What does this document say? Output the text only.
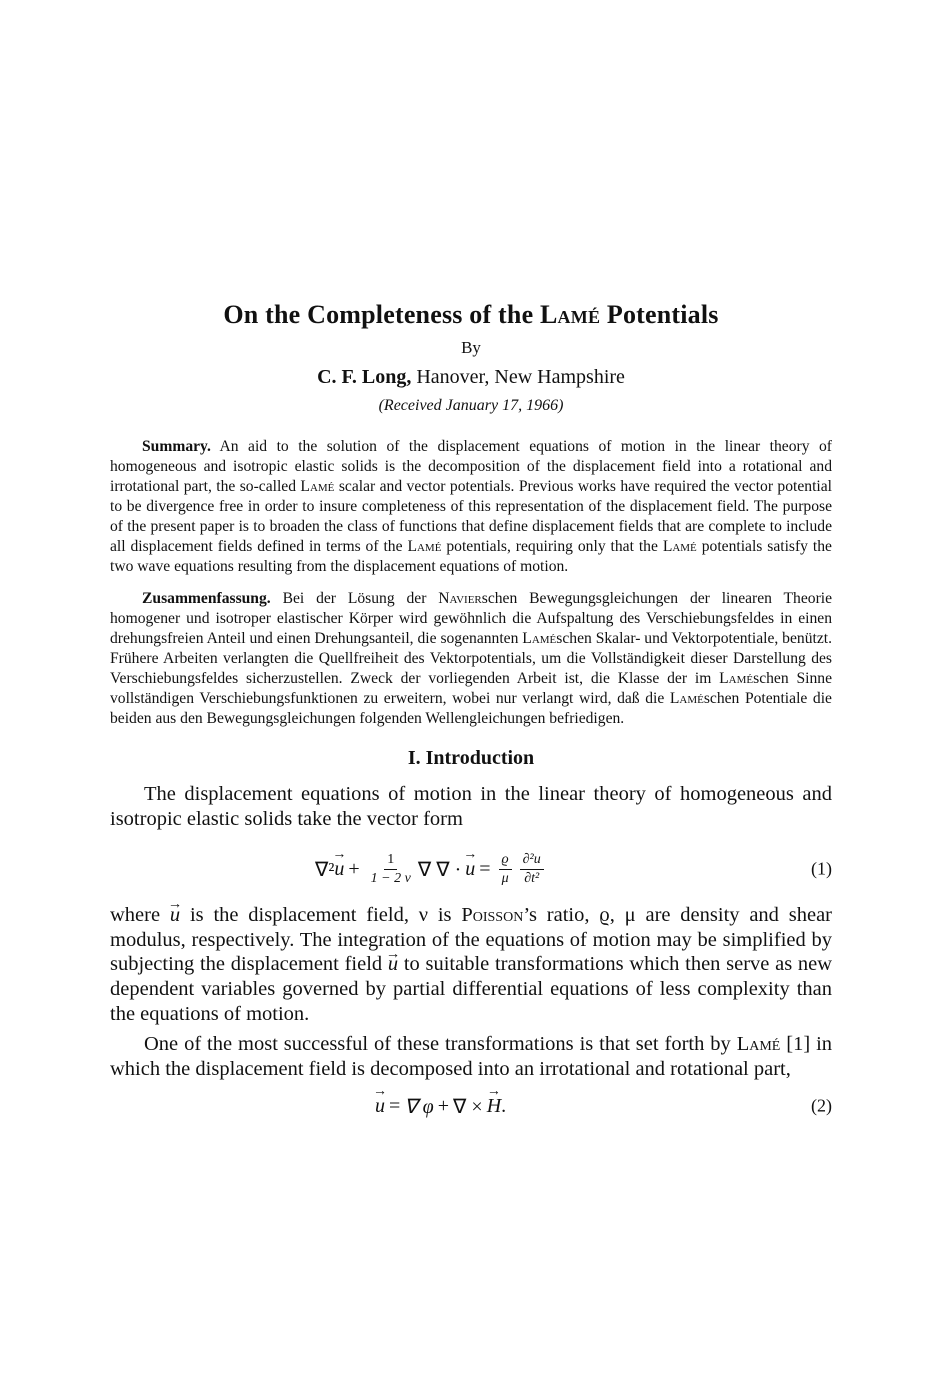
On the Completeness of the Lamé Potentials
By
C. F. Long, Hanover, New Hampshire
(Received January 17, 1966)

Summary. An aid to the solution of the displacement equations of motion in the linear theory of homogeneous and isotropic elastic solids is the decomposition of the displacement field into a rotational and irrotational part, the so-called Lamé scalar and vector potentials. Previous works have required the vector potential to be divergence free in order to insure completeness of this representation of the displacement field. The purpose of the present paper is to broaden the class of functions that define displacement fields that are complete to include all displacement fields defined in terms of the Lamé potentials, requiring only that the Lamé potentials satisfy the two wave equations resulting from the displacement equations of motion.

Zusammenfassung. Bei der Lösung der Navierschen Bewegungsgleichungen der linearen Theorie homogener und isotroper elastischer Körper wird gewöhnlich die Aufspaltung des Verschiebungsfeldes in einen drehungsfreien Anteil und einen Drehungsanteil, die sogenannten Laméschen Skalar- und Vektorpotentiale, benützt. Frühere Arbeiten verlangten die Quellfreiheit des Vektorpotentials, um die Vollständigkeit dieser Darstellung des Verschiebungsfeldes sicherzustellen. Zweck der vorliegenden Arbeit ist, die Klasse der im Laméschen Sinne vollständigen Verschiebungsfunktionen zu erweitern, wobei nur verlangt wird, daß die Laméschen Potentiale die beiden aus den Bewegungsgleichungen folgenden Wellengleichungen befriedigen.

I. Introduction

The displacement equations of motion in the linear theory of homogeneous and isotropic elastic solids take the vector form

∇² u → + $\frac{1}{1 - 2 \nu}$ ∇ ∇ · u → = $\frac{ϱ}{\mu} \frac{\text{∂²u}}{\text{∂t²}}$	(1)

where u → is the displacement field, ν is Poisson’s ratio, ϱ, μ are density and shear modulus, respectively. The integration of the equations of motion may be simplified by subjecting the displacement field u → to suitable transformations which then serve as new dependent variables governed by partial differential equations of less complexity than the equations of motion.

One of the most successful of these transformations is that set forth by Lamé [1] in which the displacement field is decomposed into an irrotational and rotational part,

u → = ∇ φ + ∇ × H → .	(2)
